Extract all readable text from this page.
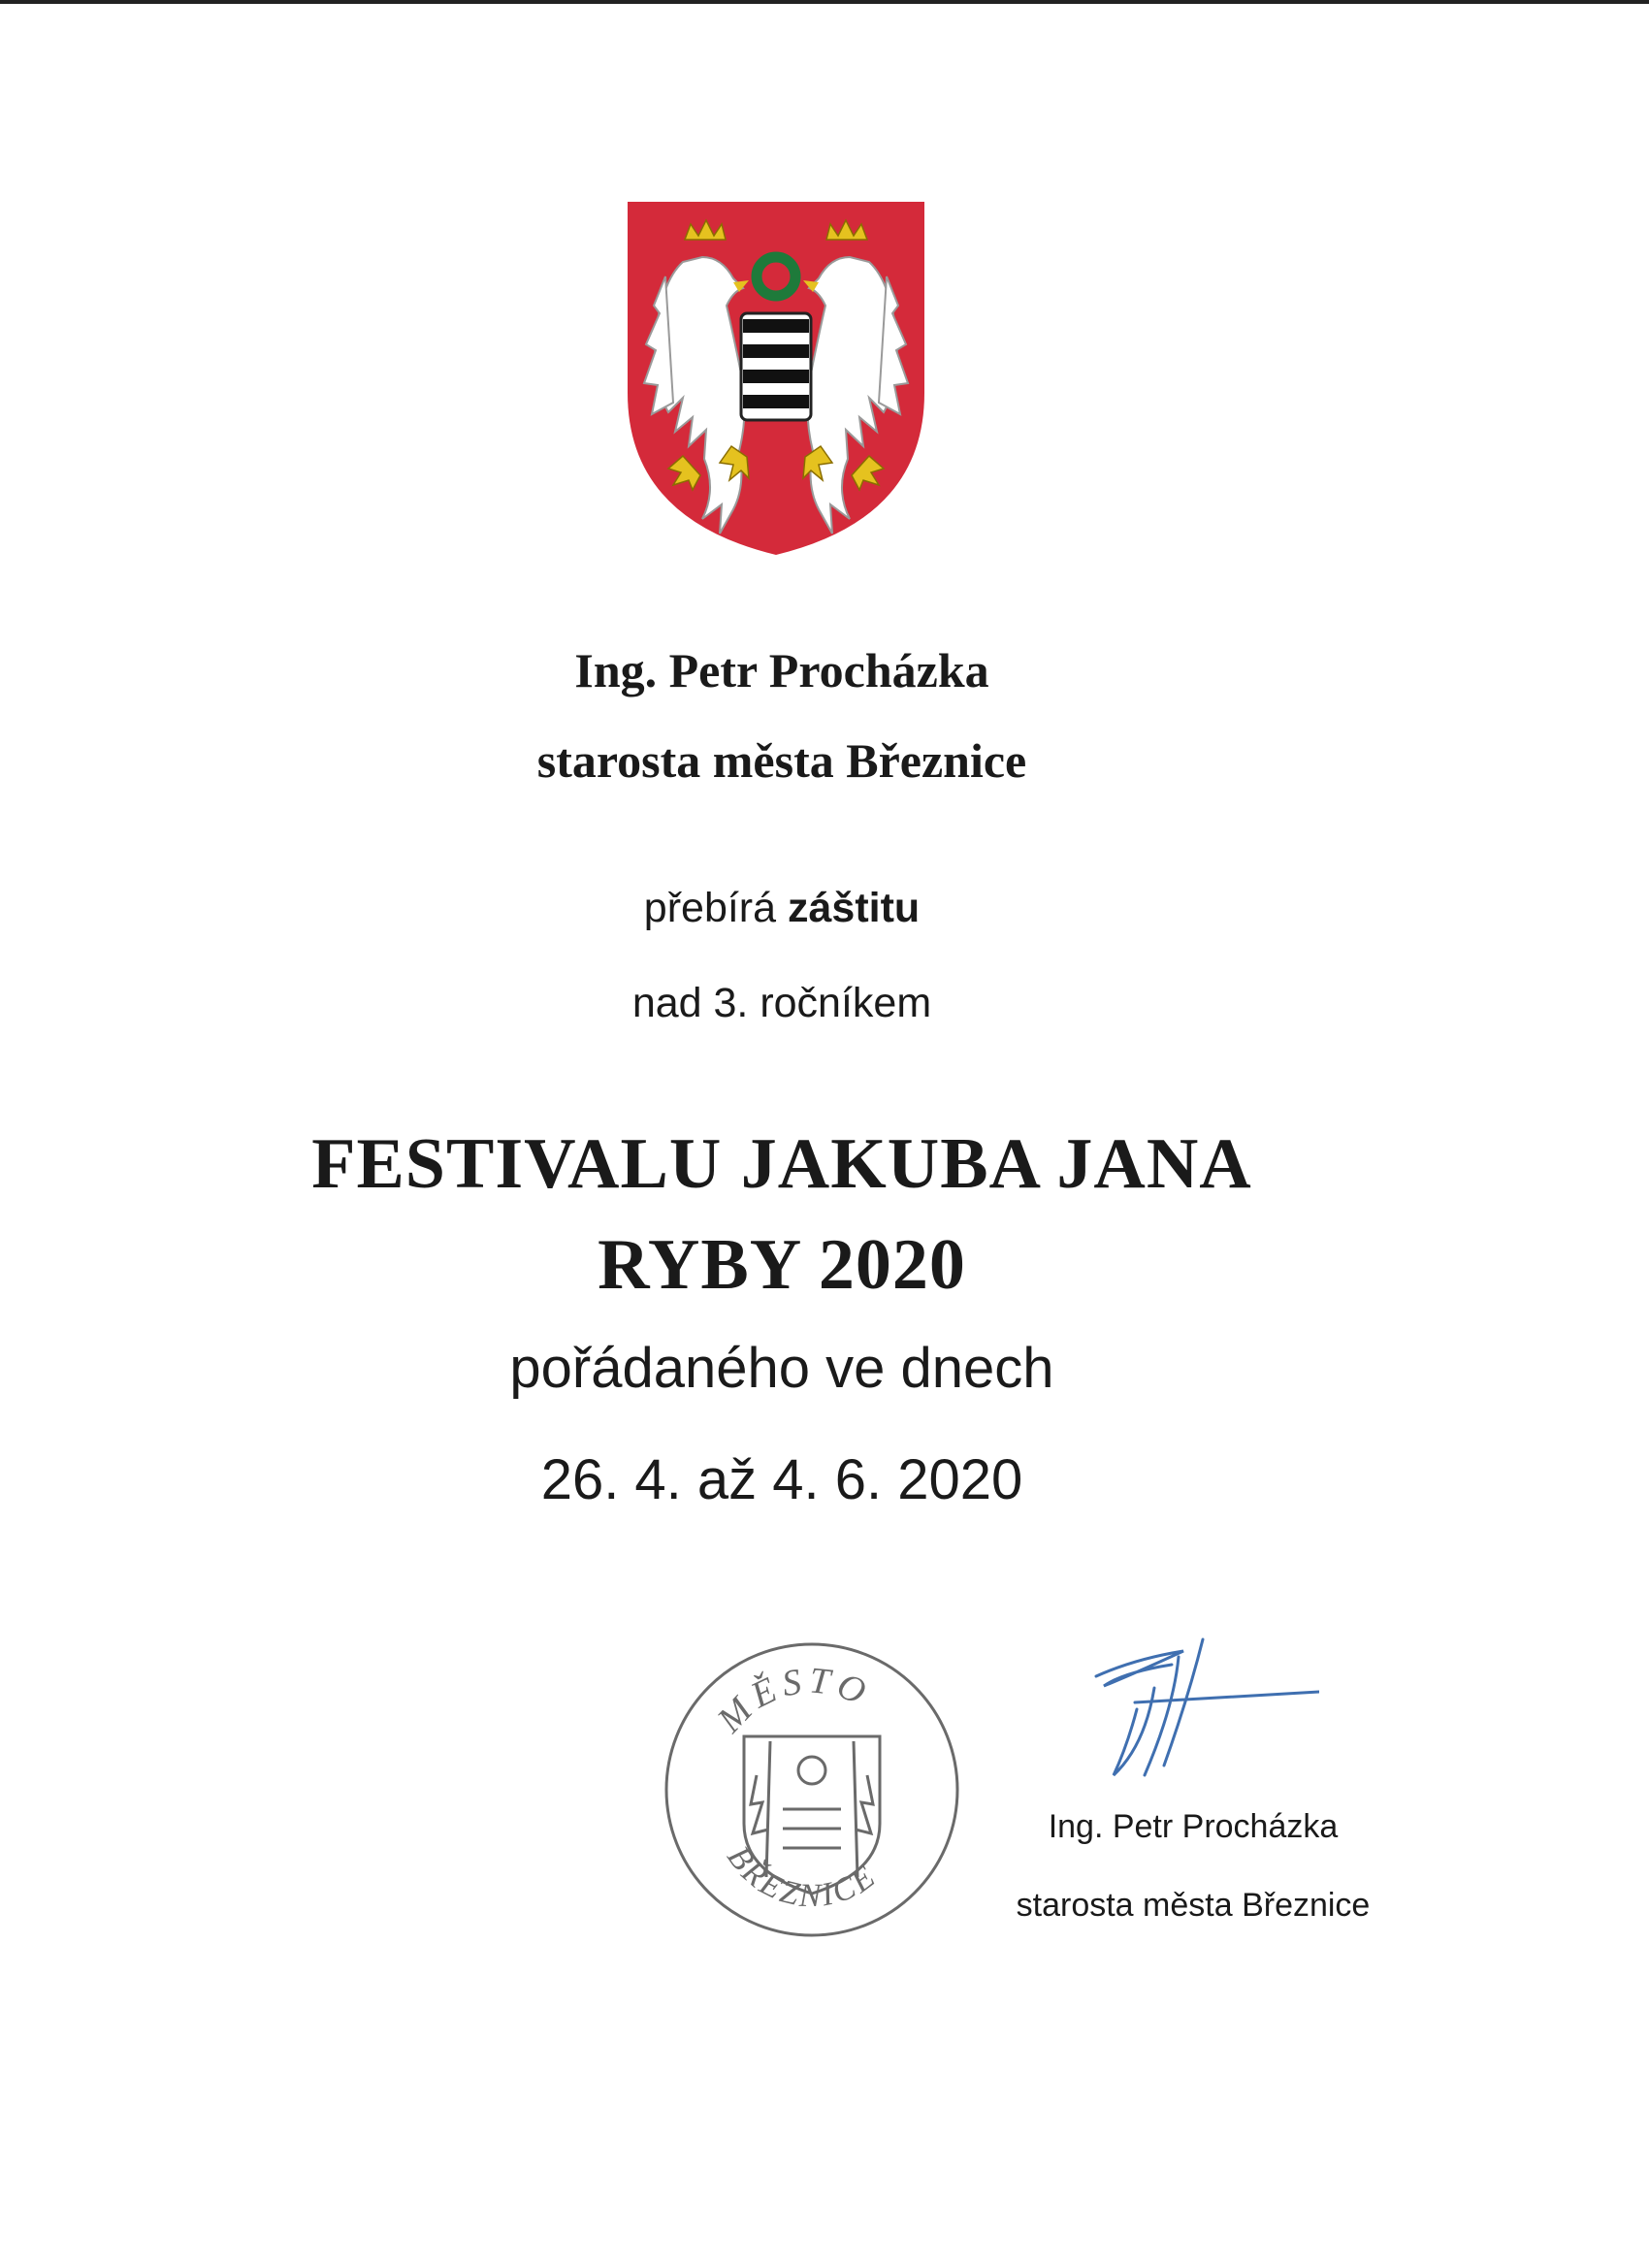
Ing. Petr Procházka
starosta města Březnice
přebírá záštitu
nad 3. ročníkem
FESTIVALU JAKUBA JANA
RYBY 2020
pořádaného ve dnech
26. 4. až 4. 6. 2020
MĚSTO
BŘEZNICE
Ing. Petr Procházka
starosta města Březnice
